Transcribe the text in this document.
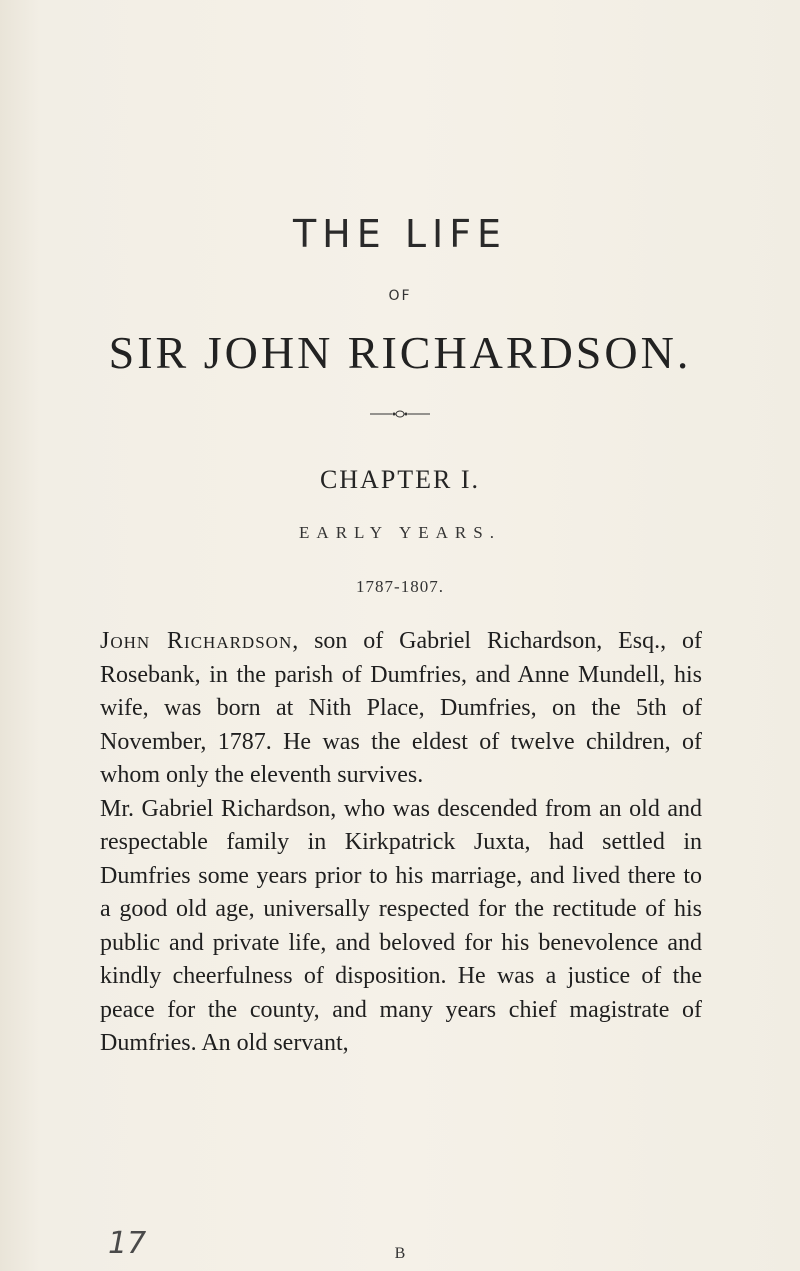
THE LIFE
OF
SIR JOHN RICHARDSON.
CHAPTER I.
EARLY YEARS.
1787-1807.

John Richardson, son of Gabriel Richardson, Esq., of Rosebank, in the parish of Dumfries, and Anne Mundell, his wife, was born at Nith Place, Dumfries, on the 5th of November, 1787. He was the eldest of twelve children, of whom only the eleventh survives.

Mr. Gabriel Richardson, who was descended from an old and respectable family in Kirkpatrick Juxta, had settled in Dumfries some years prior to his marriage, and lived there to a good old age, universally respected for the rectitude of his public and private life, and beloved for his benevolence and kindly cheerfulness of disposition. He was a justice of the peace for the county, and many years chief magistrate of Dumfries. An old servant,

B
17
